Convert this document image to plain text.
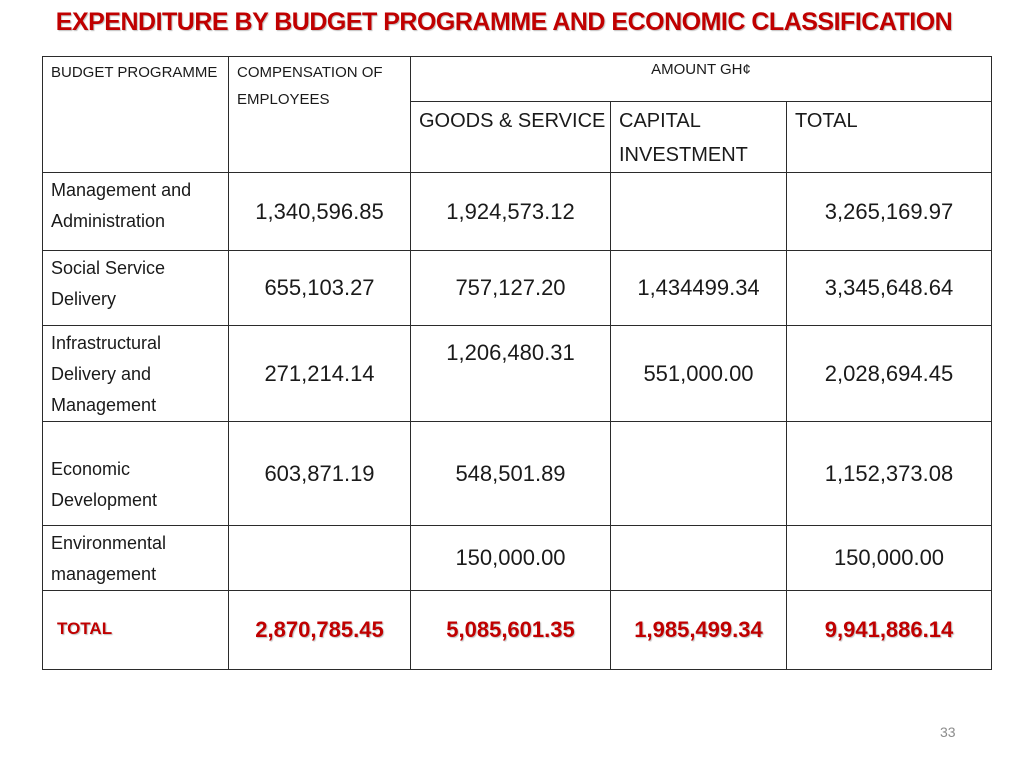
EXPENDITURE BY BUDGET PROGRAMME AND ECONOMIC CLASSIFICATION
BUDGET PROGRAMME	COMPENSATION OF EMPLOYEES	AMOUNT GH¢		
		GOODS & SERVICE	CAPITAL INVESTMENT	TOTAL
Management and Administration	1,340,596.85	1,924,573.12		3,265,169.97
Social Service Delivery	655,103.27	757,127.20	1,434499.34	3,345,648.64
Infrastructural Delivery and Management	271,214.14	1,206,480.31	551,000.00	2,028,694.45
Economic Development	603,871.19	548,501.89		1,152,373.08
Environmental management		150,000.00		150,000.00
TOTAL	2,870,785.45	5,085,601.35	1,985,499.34	9,941,886.14
33
